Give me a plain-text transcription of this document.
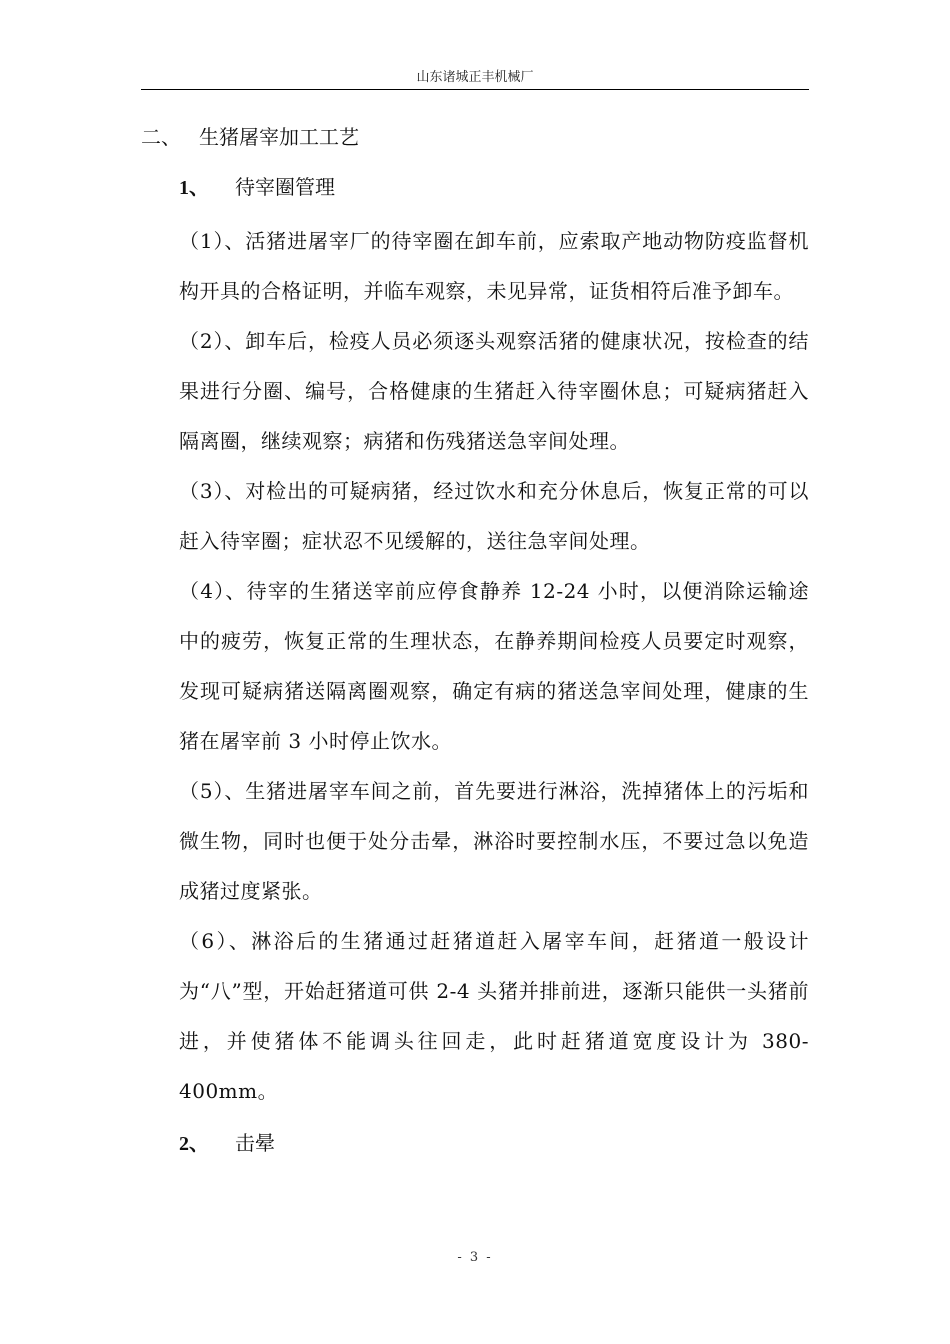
山东诸城正丰机械厂
二、 生猪屠宰加工工艺
1、 待宰圈管理

（1）、活猪进屠宰厂的待宰圈在卸车前，应索取产地动物防疫监督机构开具的合格证明，并临车观察，未见异常，证货相符后准予卸车。

（2）、卸车后，检疫人员必须逐头观察活猪的健康状况，按检查的结果进行分圈、编号，合格健康的生猪赶入待宰圈休息；可疑病猪赶入隔离圈，继续观察；病猪和伤残猪送急宰间处理。

（3）、对检出的可疑病猪，经过饮水和充分休息后，恢复正常的可以赶入待宰圈；症状忍不见缓解的，送往急宰间处理。

（4）、待宰的生猪送宰前应停食静养 12-24 小时，以便消除运输途中的疲劳，恢复正常的生理状态，在静养期间检疫人员要定时观察，发现可疑病猪送隔离圈观察，确定有病的猪送急宰间处理，健康的生猪在屠宰前 3 小时停止饮水。

（5）、生猪进屠宰车间之前，首先要进行淋浴，洗掉猪体上的污垢和微生物，同时也便于处分击晕，淋浴时要控制水压，不要过急以免造成猪过度紧张。

（6）、淋浴后的生猪通过赶猪道赶入屠宰车间，赶猪道一般设计为“八”型，开始赶猪道可供 2-4 头猪并排前进，逐渐只能供一头猪前进，并使猪体不能调头往回走，此时赶猪道宽度设计为 380-400mm。

2、 击晕
- 3 -
